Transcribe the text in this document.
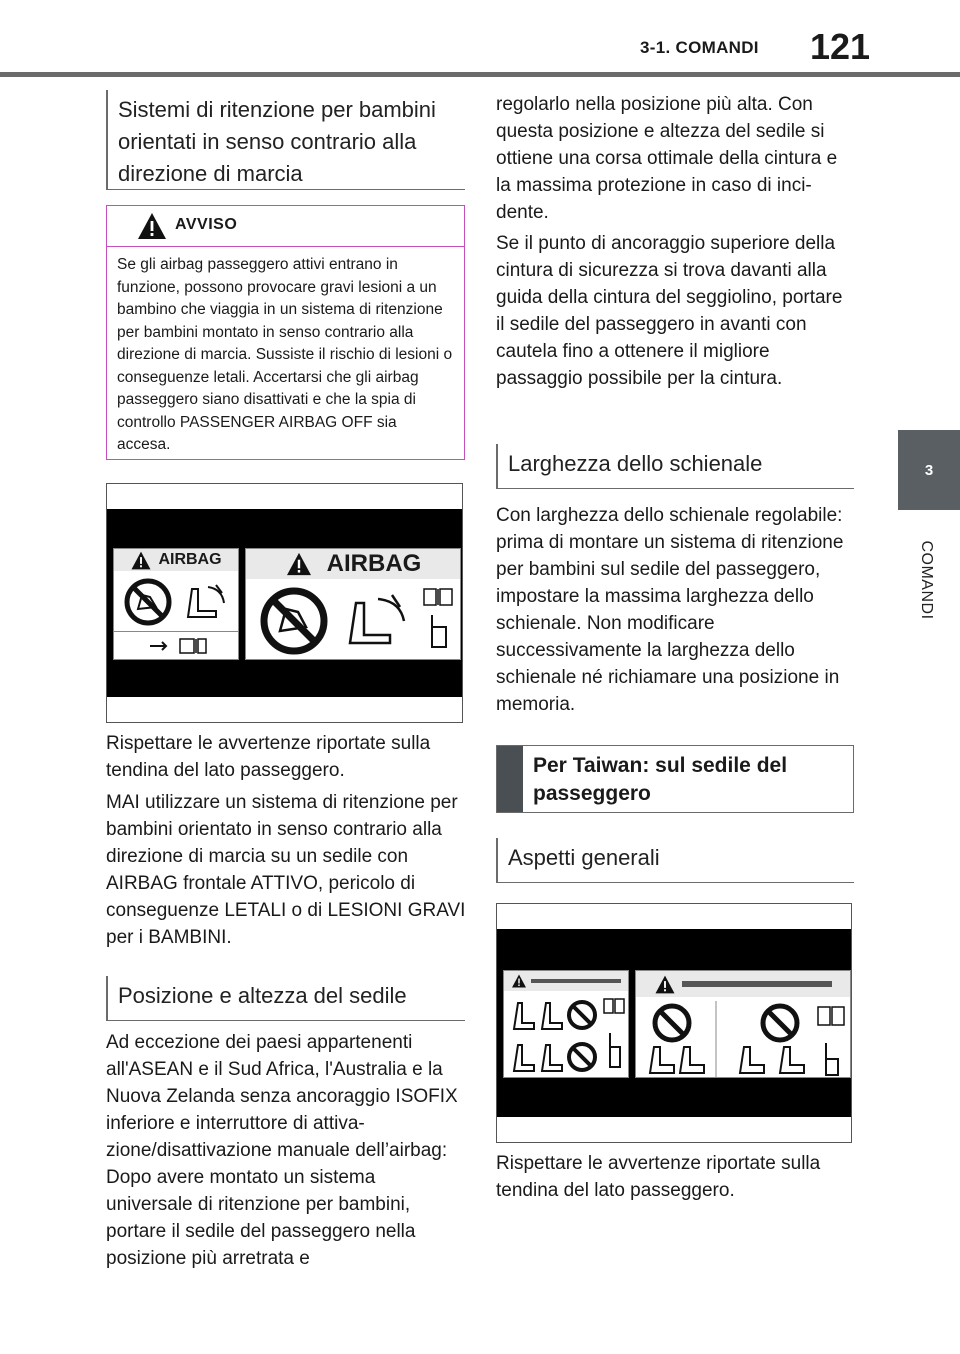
3-1. COMANDI 121
3
COMANDI
Sistemi di ritenzione per bambini orientati in senso contrario alla direzione di marcia
AVVISO
Se gli airbag passeggero attivi entrano in funzione, possono provocare gravi lesioni a un bambino che viaggia in un sistema di ritenzione per bambini montato in senso contrario alla direzione di marcia. Sussiste il rischio di lesioni o conseguenze letali. Accertarsi che gli airbag passeggero siano disattivati e che la spia di controllo PASSENGER AIRBAG OFF sia accesa.
AIRBAG	AIRBAG
Rispettare le avvertenze riportate sulla tendina del lato passeggero.
MAI utilizzare un sistema di ritenzione per bambini orientato in senso contrario alla direzione di marcia su un sedile con AIRBAG frontale ATTIVO, pericolo di conseguenze LETALI o di LESIONI GRAVI per i BAMBINI.
Posizione e altezza del sedile
Ad eccezione dei paesi appartenenti all'ASEAN e il Sud Africa, l'Australia e la Nuova Zelanda senza ancoraggio ISOFIX inferiore e interruttore di attivazione/disattivazione manuale dell’airbag: Dopo avere montato un sistema universale di ritenzione per bambini, portare il sedile del passeggero nella posizione più arretrata e
regolarlo nella posizione più alta. Con questa posizione e altezza del sedile si ottiene una corsa ottimale della cintura e la massima protezione in caso di incidente.
Se il punto di ancoraggio superiore della cintura di sicurezza si trova davanti alla guida della cintura del seggiolino, portare il sedile del passeggero in avanti con cautela fino a ottenere il migliore passaggio possibile per la cintura.
Larghezza dello schienale
Con larghezza dello schienale regolabile: prima di montare un sistema di ritenzione per bambini sul sedile del passeggero, impostare la massima larghezza dello schienale. Non modificare successivamente la larghezza dello schienale né richiamare una posizione in memoria.
Per Taiwan: sul sedile del passeggero
Aspetti generali
Rispettare le avvertenze riportate sulla tendina del lato passeggero.
